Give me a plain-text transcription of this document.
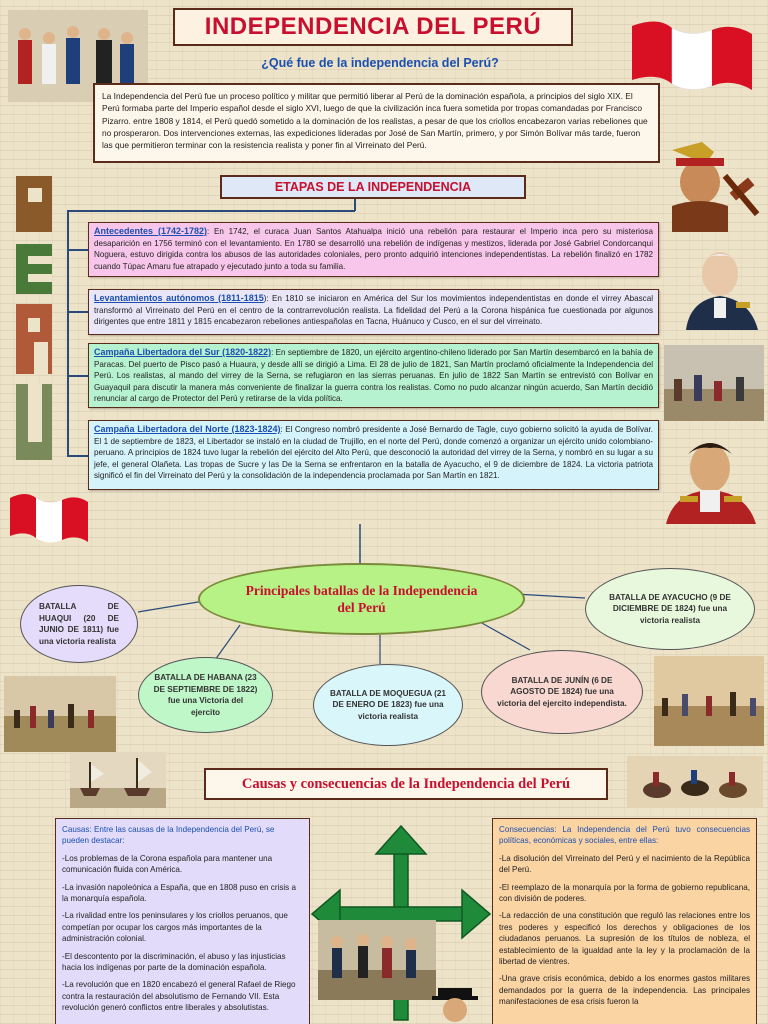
INDEPENDENCIA DEL PERÚ
¿Qué fue de la independencia del Perú?
La Independencia del Perú fue un proceso político y militar que permitió liberar al Perú de la dominación española, a principios del siglo XIX. El Perú formaba parte del Imperio español desde el siglo XVI, luego de que la civilización inca fuera sometida por tropas comandadas por Francisco Pizarro. entre 1808 y 1814, el Perú quedó sometido a la dominación de los realistas, a pesar de que los criollos encabezaron varias rebeliones que no prosperaron. Dos intervenciones externas, las expediciones lideradas por José de San Martín, primero, y por Simón Bolívar más tarde, fueron las que permitieron terminar con la resistencia realista y poner fin al Virreinato del Perú.
ETAPAS DE LA INDEPENDENCIA
Antecedentes (1742-1782): En 1742, el curaca Juan Santos Atahualpa inició una rebelión para restaurar el Imperio inca pero su misteriosa desaparición en 1756 terminó con el levantamiento. En 1780 se desarrolló una rebelión de indígenas y mestizos, liderada por José Gabriel Condorcanqui Noguera, estuvo dirigida contra los abusos de las autoridades coloniales, pero pronto adquirió intenciones independentistas. La rebelión finalizó en 1782 cuando Túpac Amaru fue atrapado y ejecutado junto a toda su familia.
Levantamientos autónomos (1811-1815): En 1810 se iniciaron en América del Sur los movimientos independentistas en donde el virrey Abascal transformó al Virreinato del Perú en el centro de la contrarrevolución realista. La fidelidad del Perú a la Corona hispánica fue cuestionada por algunos dirigentes que entre 1811 y 1815 encabezaron rebeliones antiespañolas en Tacna, Huánuco y Cusco, en el sur del virreinato.
Campaña Libertadora del Sur (1820-1822): En septiembre de 1820, un ejército argentino-chileno liderado por San Martín desembarcó en la bahía de Paracas. Del puerto de Pisco pasó a Huaura, y desde allí se dirigió a Lima. El 28 de julio de 1821, San Martín proclamó oficialmente la Independencia del Perú. Los realistas, al mando del virrey de la Serna, se refugiaron en las sierras peruanas. En julio de 1822 San Martín se entrevistó con Bolívar en Guayaquil para discutir la manera más conveniente de finalizar la guerra contra los realistas. Como no pudo alcanzar ningún acuerdo, San Martín decidió renunciar al cargo de Protector del Perú y retirarse de la vida política.
Campaña Libertadora del Norte (1823-1824): El Congreso nombró presidente a José Bernardo de Tagle, cuyo gobierno solicitó la ayuda de Bolívar. El 1 de septiembre de 1823, el Libertador se instaló en la ciudad de Trujillo, en el norte del Perú, donde comenzó a organizar un ejército unido colombiano-peruano. A principios de 1824 tuvo lugar la rebelión del ejército del Alto Perú, que desconoció la autoridad del virrey de la Serna, y nombró en su lugar a su jefe, el general Olañeta. Las tropas de Sucre y las De la Serna se enfrentaron en la batalla de Ayacucho, el 9 de diciembre de 1824. La victoria patriota significó el fin del Virreinato del Perú y la consolidación de la independencia proclamada por San Martín en 1821.
Principales batallas de la Independencia del Perú
BATALLA DE HUAQUI (20 DE JUNIO DE 1811) fue una victoria realista
BATALLA DE HABANA (23 DE SEPTIEMBRE DE 1822) fue una Victoria del ejercito
BATALLA DE MOQUEGUA (21 DE ENERO DE 1823) fue una victoria realista
BATALLA DE JUNÍN (6 DE AGOSTO DE 1824) fue una victoria del ejercito independista.
BATALLA DE AYACUCHO (9 DE DICIEMBRE DE 1824) fue una victoria realista
Causas y consecuencias de la Independencia del Perú

Causas: Entre las causas de la Independencia del Perú, se pueden destacar:

-Los problemas de la Corona española para mantener una comunicación fluida con América.

-La invasión napoleónica a España, que en 1808 puso en crisis a la monarquía española.

-La rivalidad entre los peninsulares y los criollos peruanos, que competían por ocupar los cargos más importantes de la administración colonial.

-El descontento por la discriminación, el abuso y las injusticias hacia los indígenas por parte de la dominación española.

-La revolución que en 1820 encabezó el general Rafael de Riego contra la restauración del absolutismo de Fernando VII. Esta revolución generó conflictos entre liberales y absolutistas.

Consecuencias: La Independencia del Perú tuvo consecuencias políticas, económicas y sociales, entre ellas:

-La disolución del Virreinato del Perú y el nacimiento de la República del Perú.

-El reemplazo de la monarquía por la forma de gobierno republicana, con división de poderes.

-La redacción de una constitución que reguló las relaciones entre los tres poderes y especificó los derechos y obligaciones de los ciudadanos peruanos. La supresión de los títulos de nobleza, el establecimiento de la igualdad ante la ley y la proclamación de la libertad de vientres.

-Una grave crisis económica, debido a los enormes gastos militares demandados por la guerra de la independencia. Las principales manifestaciones de esa crisis fueron la
